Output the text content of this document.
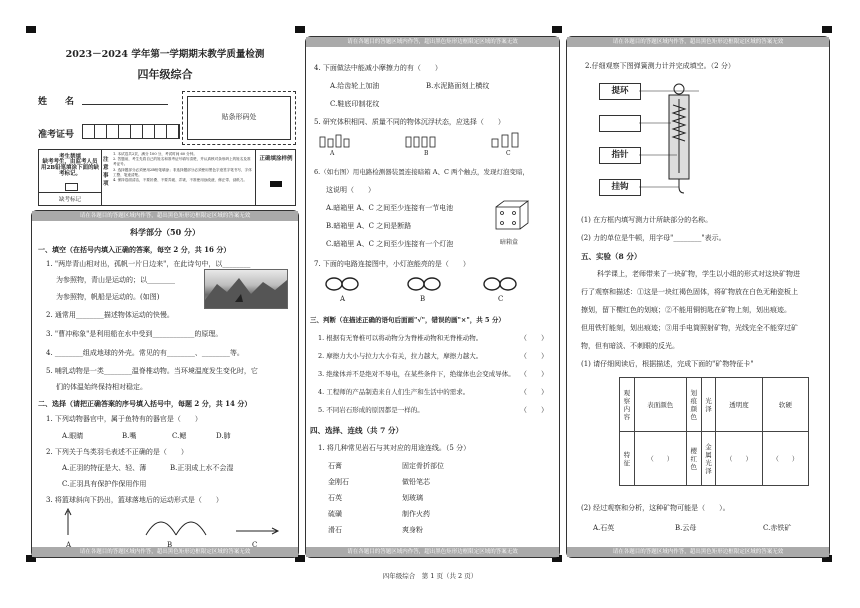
2023－2024 学年第一学期期末教学质量检测
四年级综合
姓　　名
准考证号
贴条形码处
考生禁填
缺考考生，由监考人员用2B铅笔填涂下面的缺考标记。
缺考标记
注意事项
1. 本试卷共2页，满分 100 分，考试时间 60 分钟。
2. 答题前，考生先将自己的姓名和准考证号填写清楚，并认真核对条形码上的姓名及准考证号。
3. 选择题部分必须使用2B铅笔填涂；非选择题部分必须使用黑色字迹签字笔书写，字体工整、笔迹清楚。
4. 保持卷面清洁，不要折叠、不要弄破、弄皱，不准使用涂改液、修正带、刮纸刀。
正确填涂样例
请在各题目的答题区域内作答，超出黑色矩形边框限定区域的答案无效
请在各题目的答题区域内作答，超出黑色矩形边框限定区域的答案无效
科学部分（50 分）
一、填空（在括号内填入正确的答案，每空 2 分，共 16 分）
1. "两岸青山相对出，孤帆一片日边来"，在此诗句中，以________
为参照物，青山是运动的；以________
为参照物，帆船是运动的。(如图)
2. 通常用________描述物体运动的快慢。
3. "曹冲称象"是利用船在水中受到____________的原理。
4. ________组成地球的外壳。常见的有________、________等。
5. 哺乳动物是一类________温脊椎动物。当环境温度发生变化时，它
们的体温始终保持相对稳定。
二、选择（请把正确答案的序号填入括号中，每题 2 分，共 14 分）
1. 下列动物器官中，属于鱼特有的器官是（　　）
A.眼睛	B.嘴	C.鳃	D.肺
2. 下列关于鸟类羽毛表述不正确的是（　　）
A.正羽的特征是大、轻、薄	B.正羽成上水不会湿
C.正羽具有保护作保用作用
3. 将篮球斜向下扔出，篮球落地后的运动形式是（　　）
A	B	C
请在各题目的答题区域内作答，超出黑色矩形边框限定区域的答案无效
请在各题目的答题区域内作答，超出黑色矩形边框限定区域的答案无效
4. 下面做法中能减小摩擦力的有（　　）
A.给齿轮上加油	B.水泥路面刻上横纹
C.鞋底印制花纹
5. 研究体积相同、质量不同的物体沉浮状态，应选择（　　）
A	B	C
6.（如右图）用电路检测器装置连接暗箱 A、C 两个触点，发现灯泡变暗，
这说明（　　）
A.暗箱里 A、C 之间至少连接有一节电池
B.暗箱里 A、C 之间是断路
C.暗箱里 A、C 之间至少连接有一个灯泡	暗箱盒
7. 下面的电路连接图中，小灯泡能亮的是（　　）
A	B	C
三、判断（在描述正确的语句后面画"√"，错误的画"×"，共 5 分）
1. 根据有无脊椎可以将动物分为脊椎动物和无脊椎动物。
2. 摩擦力大小与拉力大小有关，拉力越大，摩擦力越大。
3. 绝缘体并不是绝对不导电，在某些条件下，绝缘体也会变成导体。
4. 工程师的产品制造来自人们生产和生活中的需求。
5. 不同岩石形成的原因都是一样的。
（　　）
（　　）
（　　）
（　　）
（　　）
四、选择、连线（共 7 分）
1. 将几种常见岩石与其对应的用途连线。（5 分）
石膏
金刚石
石英
硫磺
滑石
固定骨折部位
做铅笔芯
划玻璃
制作火药
爽身粉
请在各题目的答题区域内作答，超出黑色矩形边框限定区域的答案无效
请在各题目的答题区域内作答，超出黑色矩形边框限定区域的答案无效
2.仔细观察下图弹簧测力计并完成填空。（2 分）
提环
指针
挂钩
(1) 在方框内填写测力计所缺部分的名称。
(2) 力的单位是牛顿，用字母"________"表示。
五、实验（8 分）
科学课上，老师带来了一块矿物，学生以小组的形式对这块矿物进
行了观察和描述：①这是一块红褐色固体，将矿物放在白色无釉瓷板上
擦划，留下樱红色的划痕；②不能用铜钥匙在矿物上刻，划出痕迹。
但用铁钉能刻，划出痕迹；③用手电筒照射矿物，光线完全不能穿过矿
物，但有暗淡、不刺眼的反光。
(1) 请仔细阅读后，根据描述，完成下面的"矿物特征卡"
观察内容	表面颜色	划痕颜色	光泽	透明度	软硬

特征	（　　）	樱红色	金属光泽	（　　）	（　　）
(2) 经过观察和分析，这种矿物可能是（　　）。
A.石英	B.云母	C.赤铁矿
四年级综合　第 1 页（共 2 页）
